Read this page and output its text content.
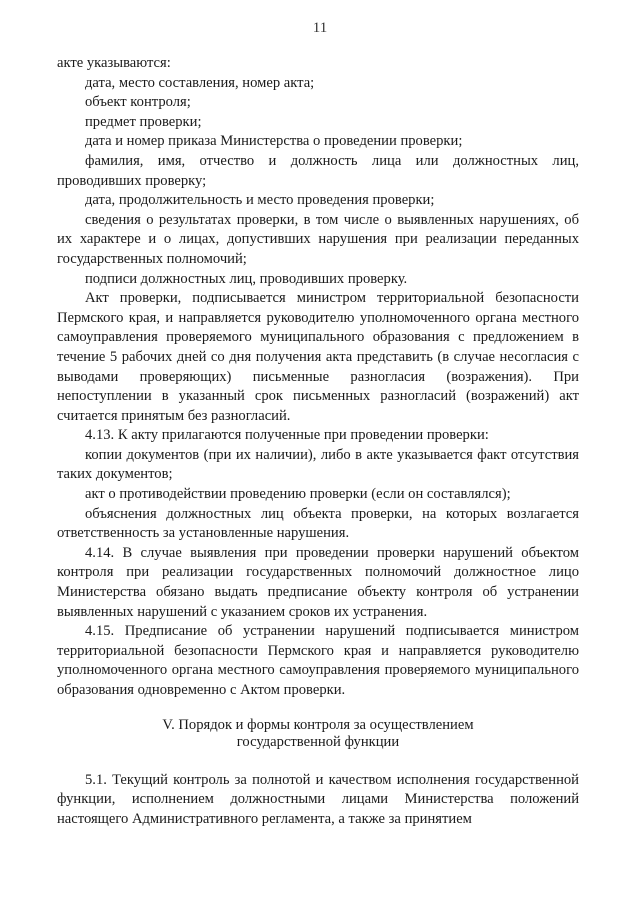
11

акте указываются:

дата, место составления, номер акта;

объект контроля;

предмет проверки;

дата и номер приказа Министерства о проведении проверки;

фамилия, имя, отчество и должность лица или должностных лиц, проводивших проверку;

дата, продолжительность и место проведения проверки;

сведения о результатах проверки, в том числе о выявленных нарушениях, об их характере и о лицах, допустивших нарушения при реализации переданных государственных полномочий;

подписи должностных лиц, проводивших проверку.

Акт проверки, подписывается министром территориальной безопасности Пермского края, и направляется руководителю уполномоченного органа местного самоуправления проверяемого муниципального образования с предложением в течение 5 рабочих дней со дня получения акта представить (в случае несогласия с выводами проверяющих) письменные разногласия (возражения). При непоступлении в указанный срок письменных разногласий (возражений) акт считается принятым без разногласий.

4.13. К акту прилагаются полученные при проведении проверки:

копии документов (при их наличии), либо в акте указывается факт отсутствия таких документов;

акт о противодействии проведению проверки (если он составлялся);

объяснения должностных лиц объекта проверки, на которых возлагается ответственность за установленные нарушения.

4.14. В случае выявления при проведении проверки нарушений объектом контроля при реализации государственных полномочий должностное лицо Министерства обязано выдать предписание объекту контроля об устранении выявленных нарушений с указанием сроков их устранения.

4.15. Предписание об устранении нарушений подписывается министром территориальной безопасности Пермского края и направляется руководителю уполномоченного органа местного самоуправления проверяемого муниципального образования одновременно с Актом проверки.

V. Порядок и формы контроля за осуществлением
государственной функции

5.1. Текущий контроль за полнотой и качеством исполнения государственной функции, исполнением должностными лицами Министерства положений настоящего Административного регламента, а также за принятием
